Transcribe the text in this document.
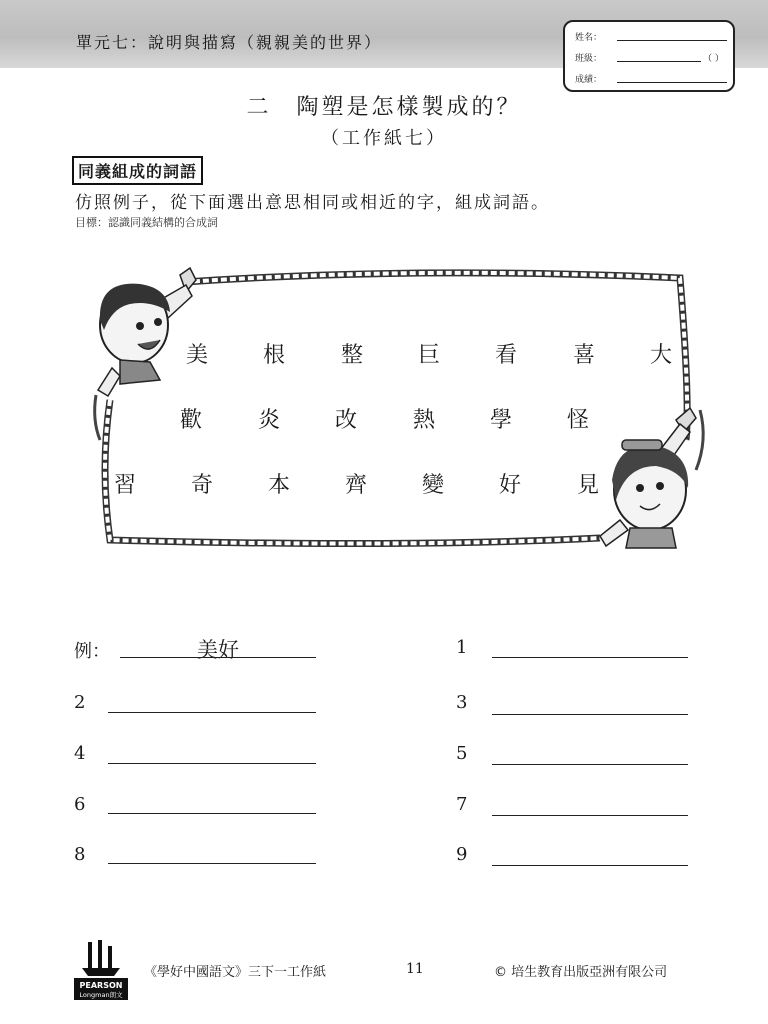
單元七：說明與描寫（親親美的世界）	姓名：
班級：	（ ）
成績：
二　陶塑是怎樣製成的？
（工作紙七）
同義組成的詞語
仿照例子，從下面選出意思相同或相近的字，組成詞語。
目標：認識同義結構的合成詞
美 根	整 巨 看	喜 大
歡	炎 改	熱 學 怪
習 奇 本 齊 變 好	見
例：	美好	1
2	3
4	5
6	7
8	9
PEARSON
Longman朗文
《學好中國語文》三下一工作紙	11	© 培生教育出版亞洲有限公司
